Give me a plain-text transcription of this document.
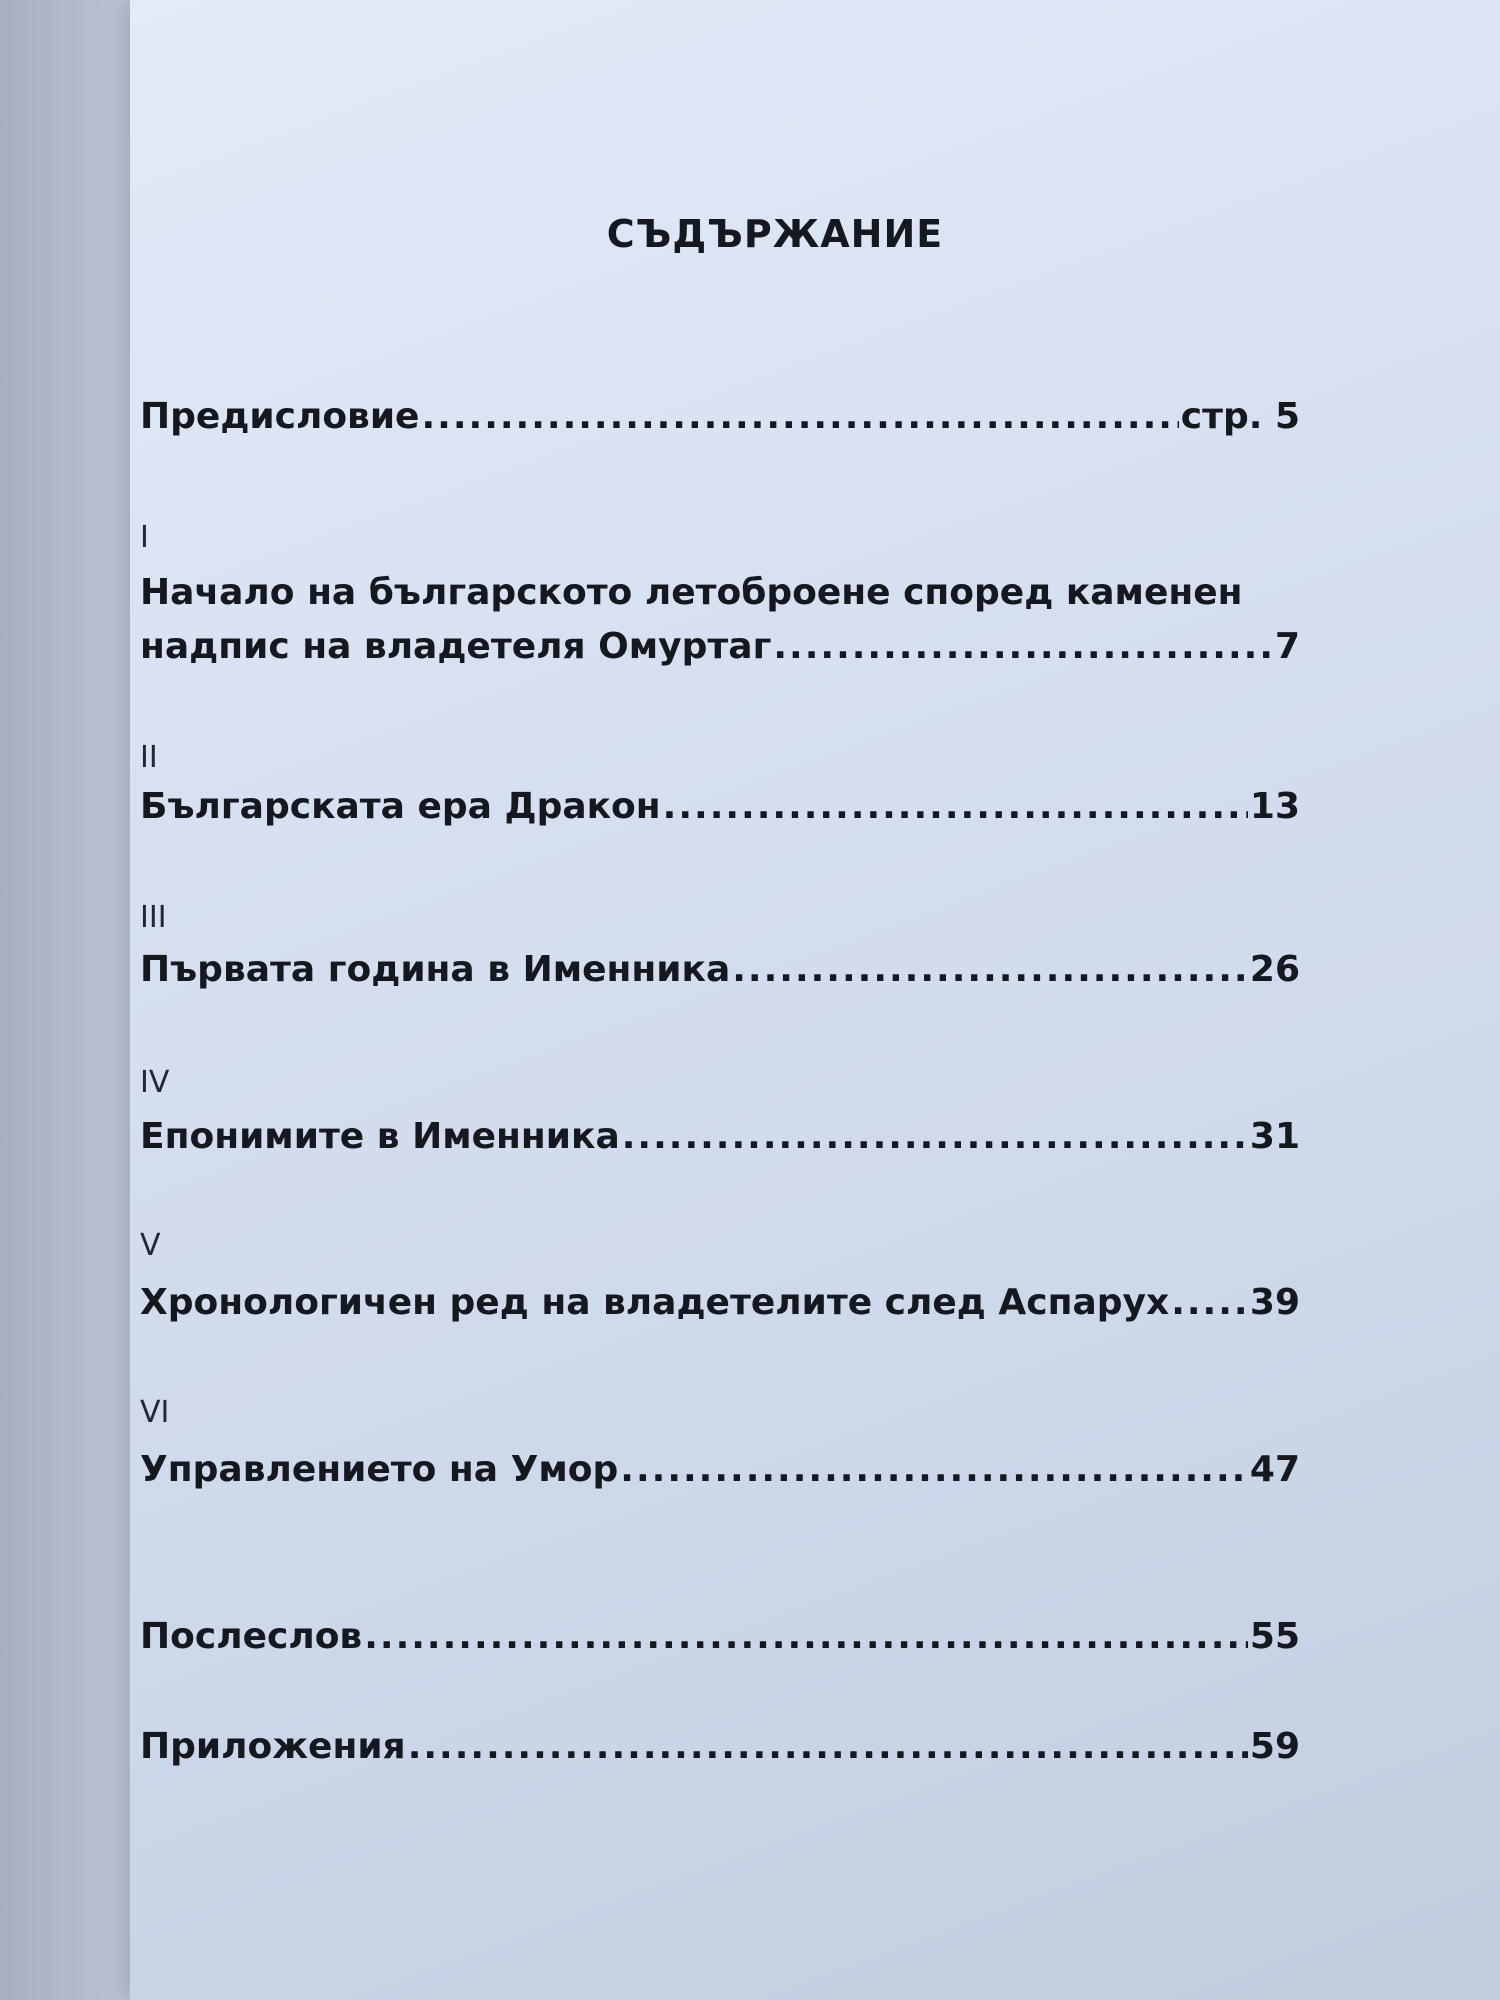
СЪДЪРЖАНИЕ
Предисловие .....	стр. 5
I
Начало на българското летоброене според каменен
надпис на владетеля Омуртаг .....	7
II
Българската ера Дракон .....	13
III
Първата година в Именника .....	26
IV
Епонимите в Именника .....	31
V
Хронологичен ред на владетелите след Аспарух ..... 39
VI
Управлението на Умор .....	47
Послеслов .....	55
Приложения .....	59
